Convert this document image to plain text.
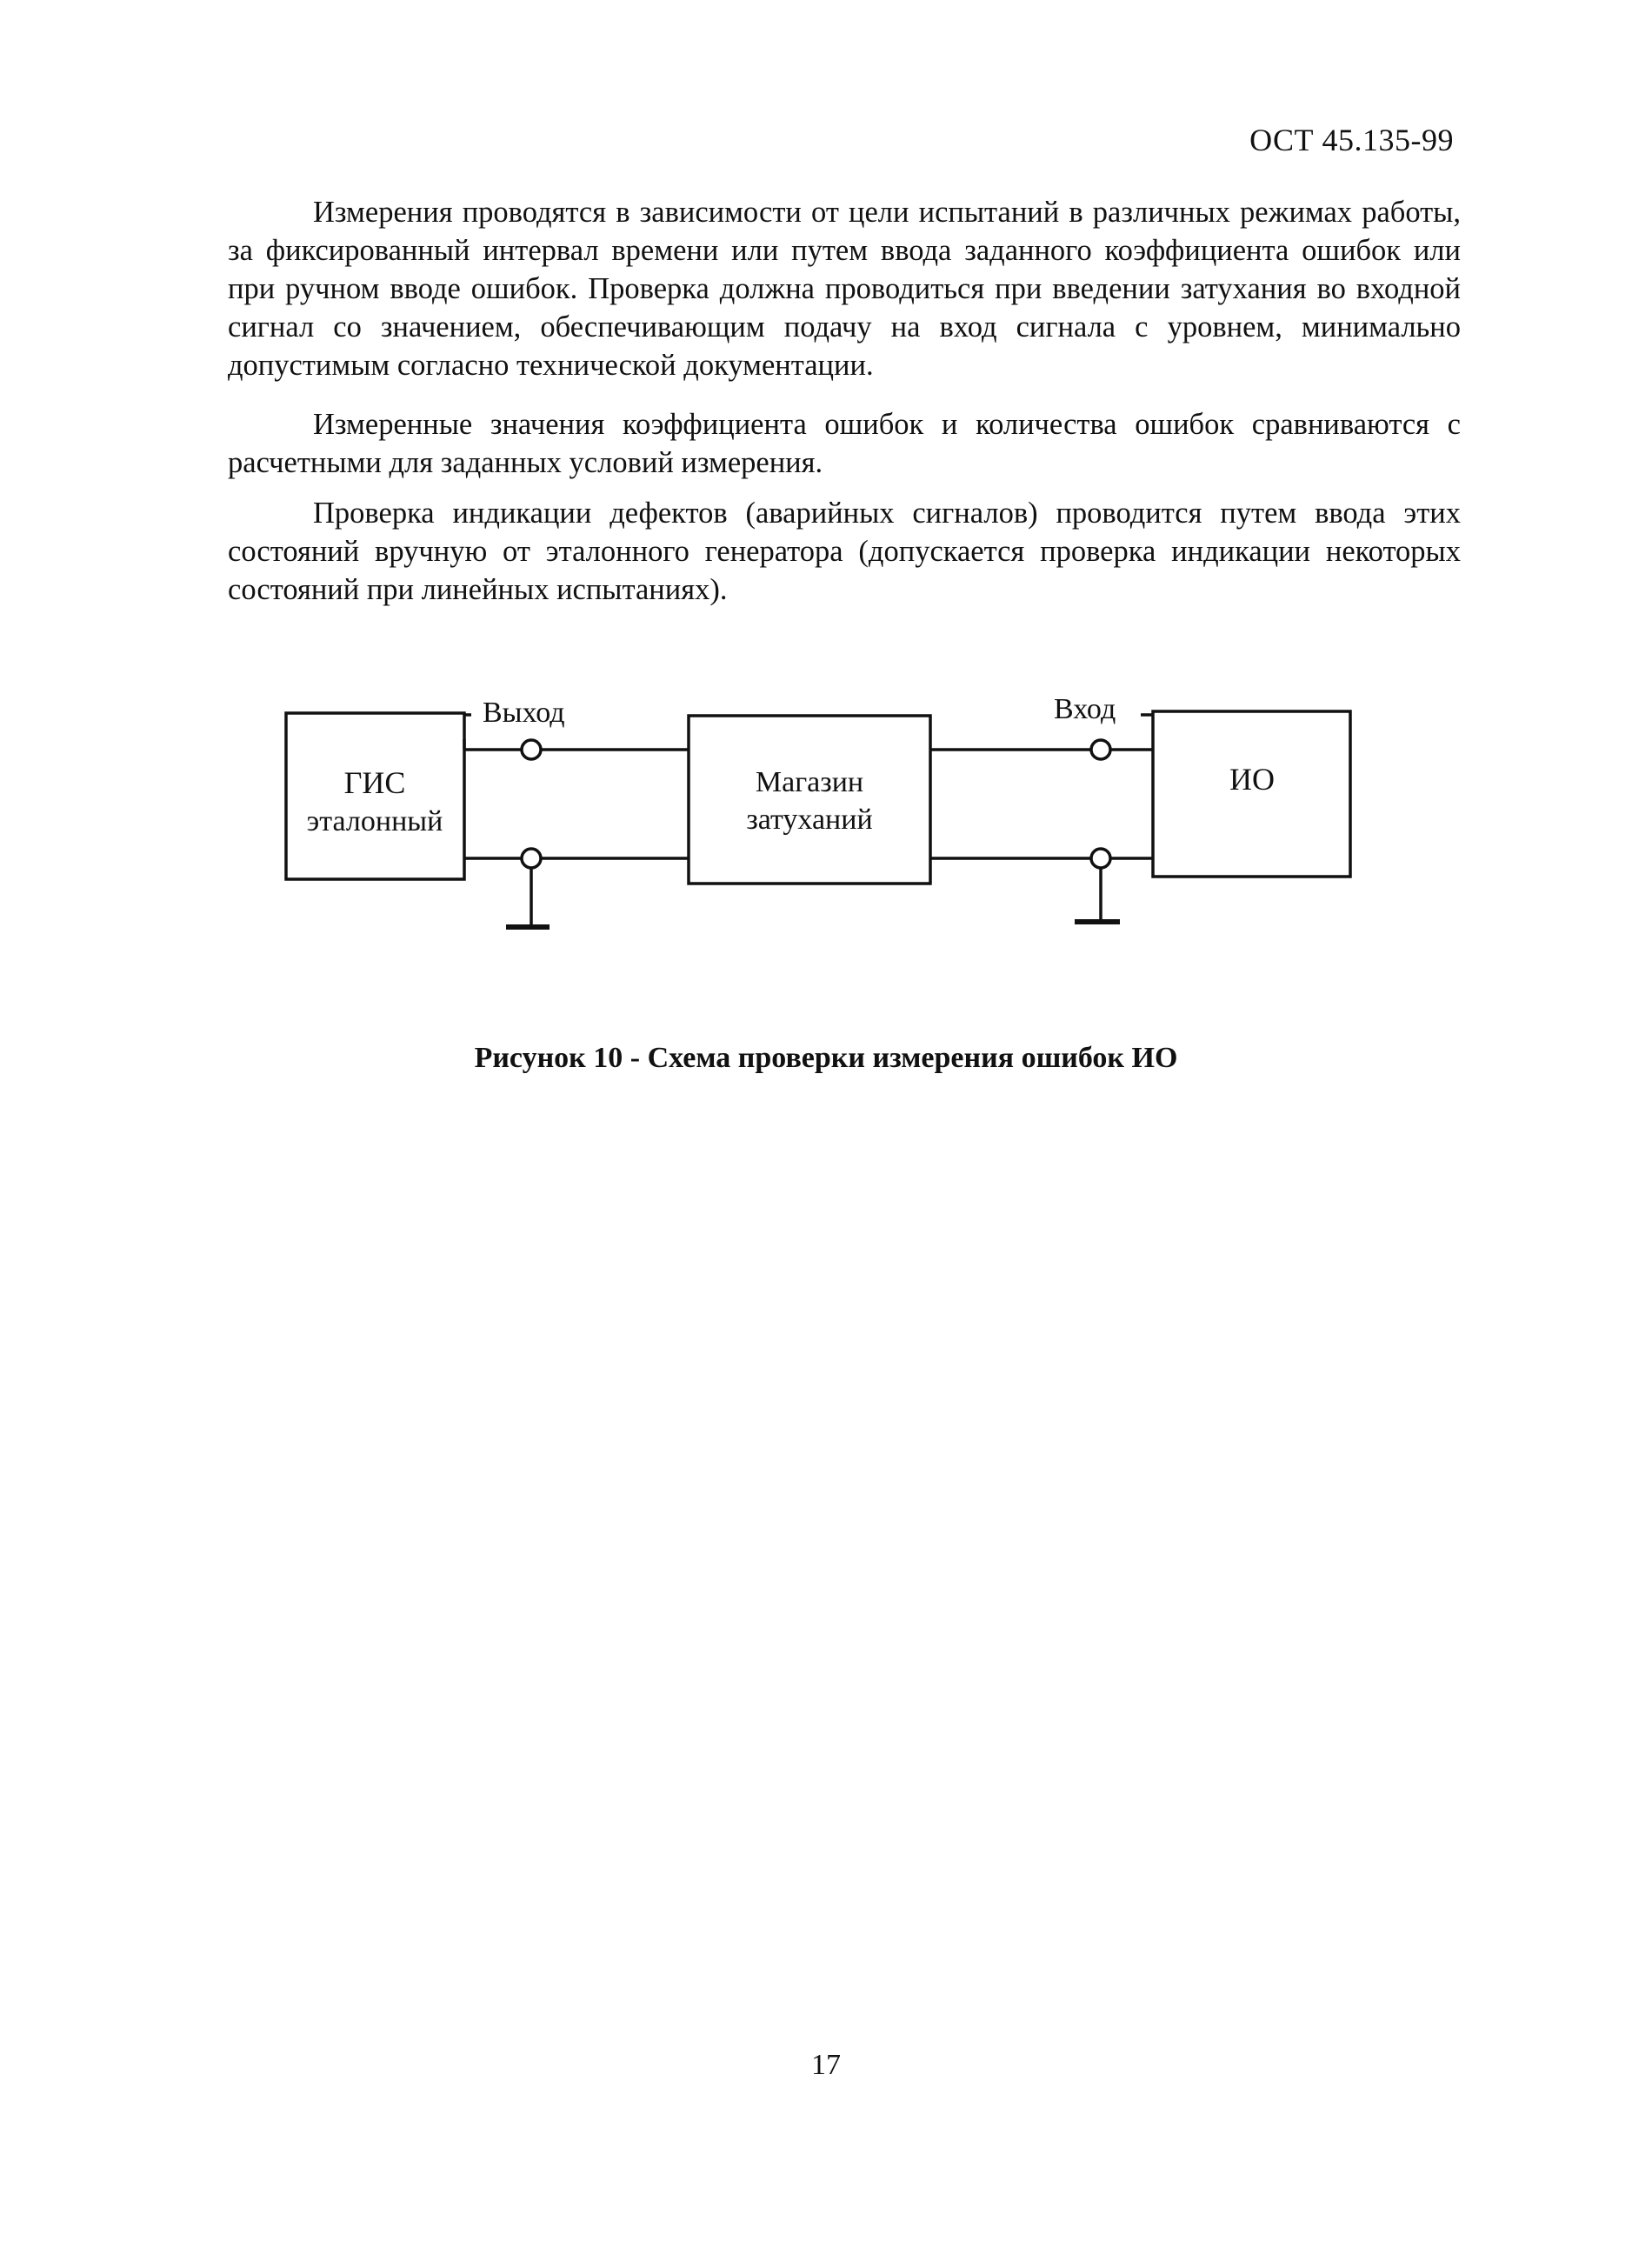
ОСТ 45.135-99

Измерения проводятся в зависимости от цели испытаний в различных режимах работы, за фиксированный интервал времени или путем ввода заданного коэффициента ошибок или при ручном вводе ошибок. Проверка должна проводиться при введении затухания во входной сигнал со значением, обеспечивающим подачу на вход сигнала с уровнем, минимально допустимым согласно технической документации.

Измеренные значения коэффициента ошибок и количества ошибок сравниваются с расчетными для заданных условий измерения.

Проверка индикации дефектов (аварийных сигналов) проводится путем ввода этих состояний вручную от эталонного генератора (допускается проверка индикации некоторых состояний при линейных испытаниях).

Выход	Вход
ГИС
эталонный
Магазин
затуханий
ИО
Рисунок 10 - Схема проверки измерения ошибок ИО
17
